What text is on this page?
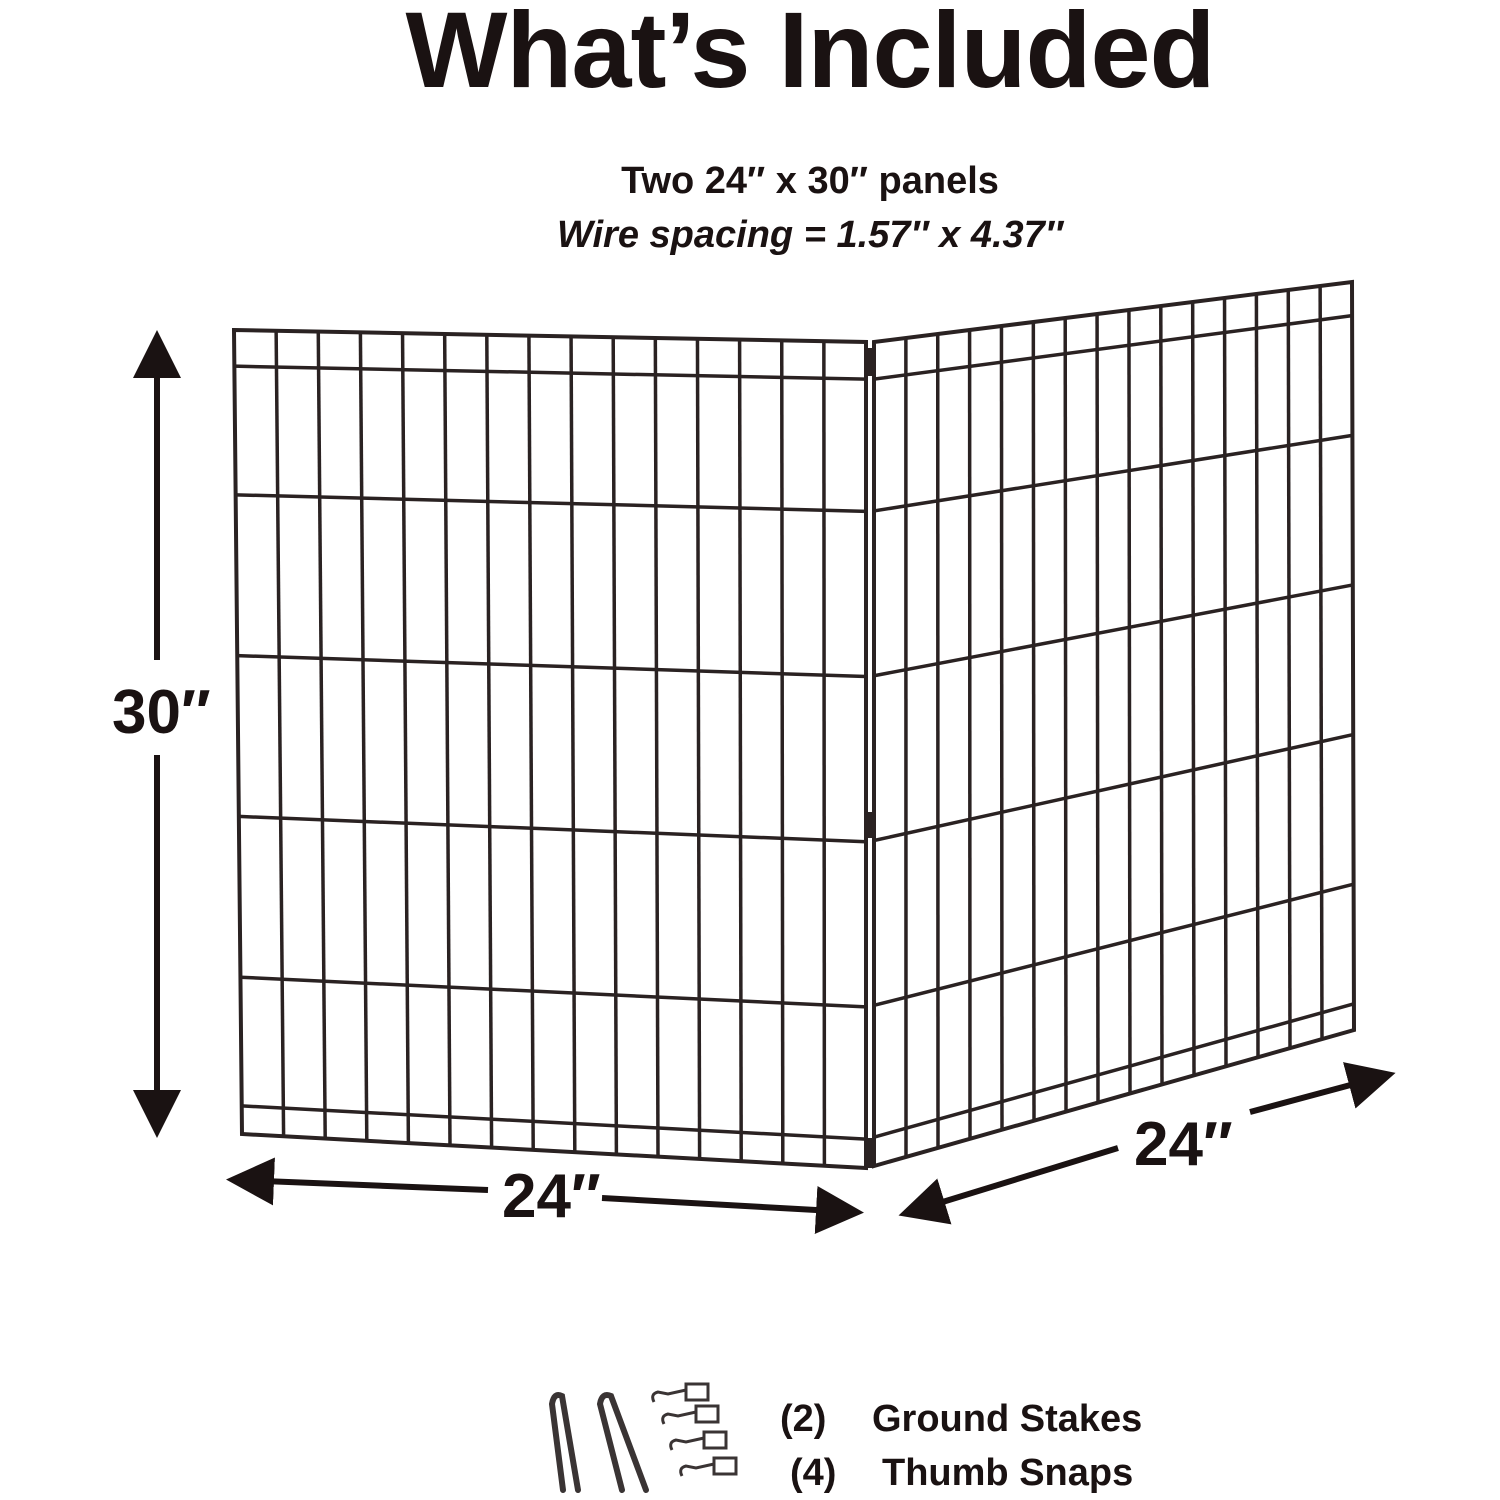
What’s Included
Two 24″ x 30″ panels
Wire spacing = 1.57″ x 4.37″
30″
24″
24″
(2) Ground Stakes
(4) Thumb Snaps
